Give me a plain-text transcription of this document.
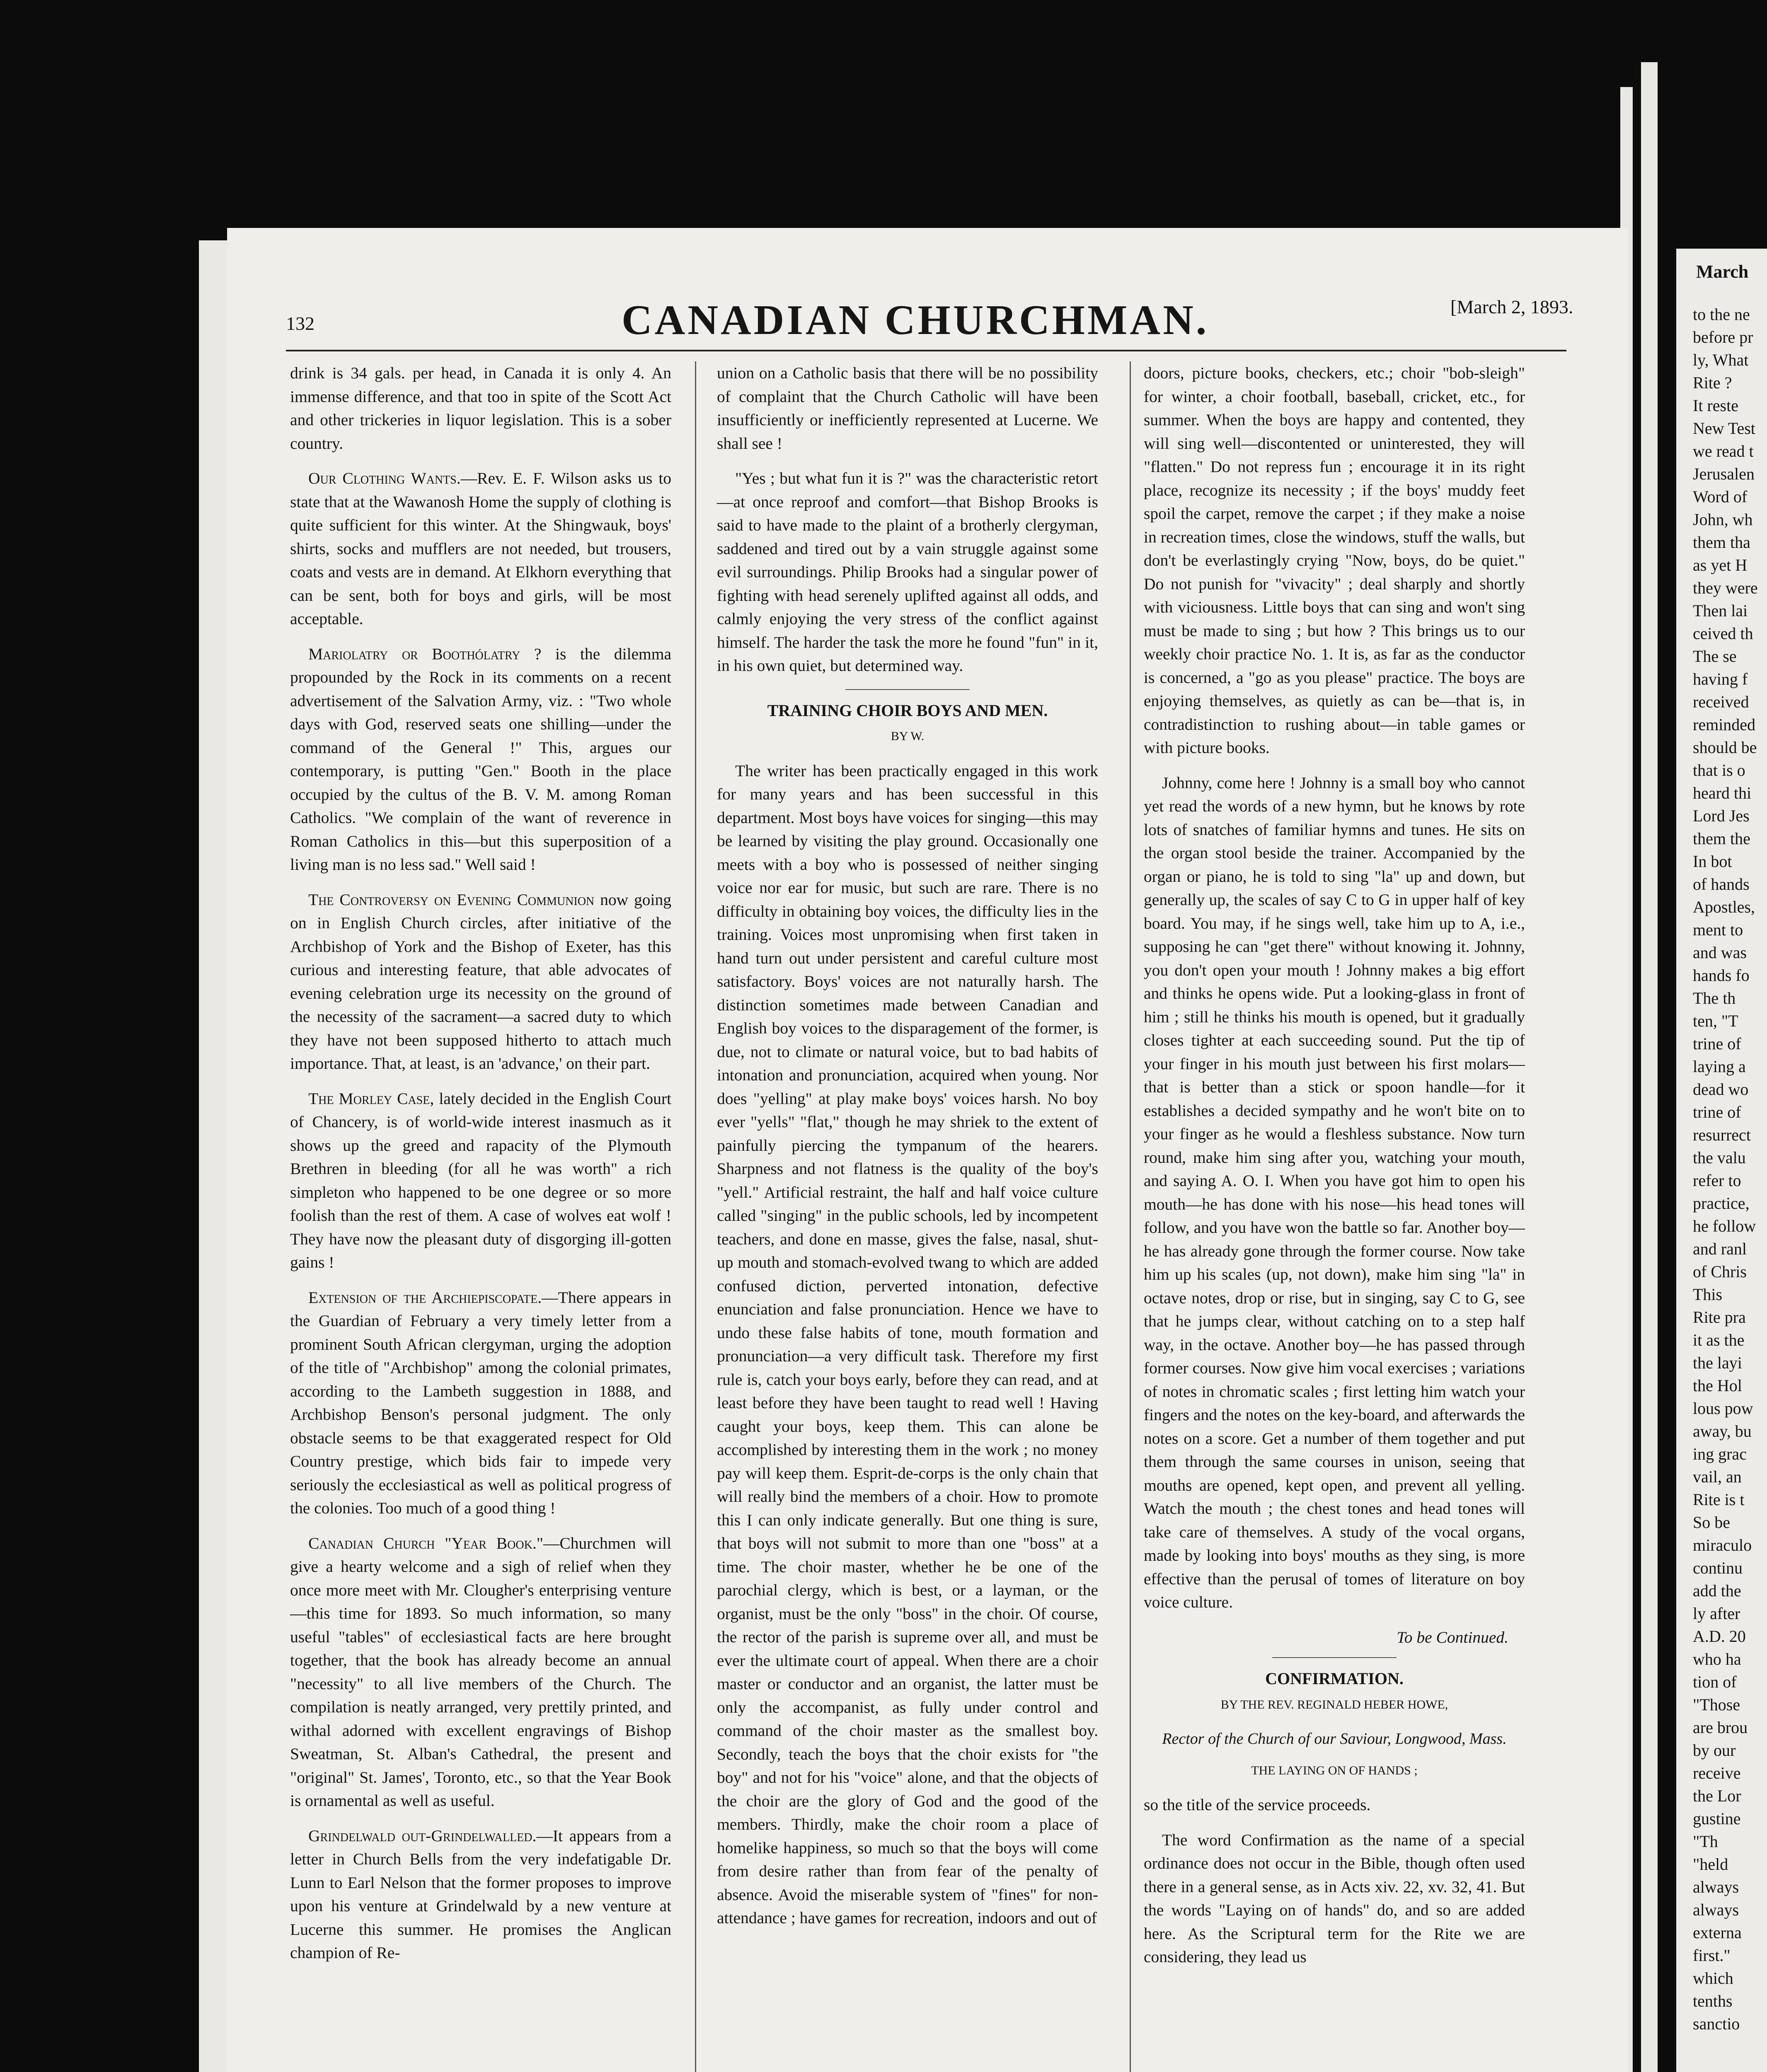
March

to the ne

before pr

ly, What

Rite ?

It reste

New Test

we read t

Jerusalen

Word of

John, wh

them tha

as yet H

they were

Then lai

ceived th

The se

having f

received

reminded

should be

that is o

heard thi

Lord Jes

them the

In bot

of hands

Apostles,

ment to

and was

hands fo

The th

ten, "T

trine of

laying a

dead wo

trine of

resurrect

the valu

refer to

practice,

he follow

and ranl

of Chris

This

Rite pra

it as the

the layi

the Hol

lous pow

away, bu

ing grac

vail, an

Rite is t

So be

miraculo

continu

add the

ly after

A.D. 20

who ha

tion of

"Those

are brou

by our

receive

the Lor

gustine

"Th

"held

always

always

externa

first."

which

tenths

sanctio

132	CANADIAN CHURCHMAN.	[March 2, 1893.

drink is 34 gals. per head, in Canada it is only 4. An immense difference, and that too in spite of the Scott Act and other trickeries in liquor legislation. This is a sober country.

Our Clothing Wants.—Rev. E. F. Wilson asks us to state that at the Wawanosh Home the supply of clothing is quite sufficient for this winter. At the Shingwauk, boys' shirts, socks and mufflers are not needed, but trousers, coats and vests are in demand. At Elkhorn everything that can be sent, both for boys and girls, will be most acceptable.

Mariolatry or Boothólatry ? is the dilemma propounded by the Rock in its comments on a recent advertisement of the Salvation Army, viz. : "Two whole days with God, reserved seats one shilling—under the command of the General !" This, argues our contemporary, is putting "Gen." Booth in the place occupied by the cultus of the B. V. M. among Roman Catholics. "We complain of the want of reverence in Roman Catholics in this—but this superposition of a living man is no less sad." Well said !

The Controversy on Evening Communion now going on in English Church circles, after initiative of the Archbishop of York and the Bishop of Exeter, has this curious and interesting feature, that able advocates of evening celebration urge its necessity on the ground of the necessity of the sacrament—a sacred duty to which they have not been supposed hitherto to attach much importance. That, at least, is an 'advance,' on their part.

The Morley Case, lately decided in the English Court of Chancery, is of world-wide interest inasmuch as it shows up the greed and rapacity of the Plymouth Brethren in bleeding (for all he was worth" a rich simpleton who happened to be one degree or so more foolish than the rest of them. A case of wolves eat wolf ! They have now the pleasant duty of disgorging ill-gotten gains !

Extension of the Archiepiscopate.—There appears in the Guardian of February a very timely letter from a prominent South African clergyman, urging the adoption of the title of "Archbishop" among the colonial primates, according to the Lambeth suggestion in 1888, and Archbishop Benson's personal judgment. The only obstacle seems to be that exaggerated respect for Old Country prestige, which bids fair to impede very seriously the ecclesiastical as well as political progress of the colonies. Too much of a good thing !

Canadian Church "Year Book."—Churchmen will give a hearty welcome and a sigh of relief when they once more meet with Mr. Clougher's enterprising venture—this time for 1893. So much information, so many useful "tables" of ecclesiastical facts are here brought together, that the book has already become an annual "necessity" to all live members of the Church. The compilation is neatly arranged, very prettily printed, and withal adorned with excellent engravings of Bishop Sweatman, St. Alban's Cathedral, the present and "original" St. James', Toronto, etc., so that the Year Book is ornamental as well as useful.

Grindelwald out-Grindelwalled.—It appears from a letter in Church Bells from the very indefatigable Dr. Lunn to Earl Nelson that the former proposes to improve upon his venture at Grindelwald by a new venture at Lucerne this summer. He promises the Anglican champion of Re-

union on a Catholic basis that there will be no possibility of complaint that the Church Catholic will have been insufficiently or inefficiently represented at Lucerne. We shall see !

"Yes ; but what fun it is ?" was the characteristic retort—at once reproof and comfort—that Bishop Brooks is said to have made to the plaint of a brotherly clergyman, saddened and tired out by a vain struggle against some evil surroundings. Philip Brooks had a singular power of fighting with head serenely uplifted against all odds, and calmly enjoying the very stress of the conflict against himself. The harder the task the more he found "fun" in it, in his own quiet, but determined way.

TRAINING CHOIR BOYS AND MEN.
BY W.

The writer has been practically engaged in this work for many years and has been successful in this department. Most boys have voices for singing—this may be learned by visiting the play ground. Occasionally one meets with a boy who is possessed of neither singing voice nor ear for music, but such are rare. There is no difficulty in obtaining boy voices, the difficulty lies in the training. Voices most unpromising when first taken in hand turn out under persistent and careful culture most satisfactory. Boys' voices are not naturally harsh. The distinction sometimes made between Canadian and English boy voices to the disparagement of the former, is due, not to climate or natural voice, but to bad habits of intonation and pronunciation, acquired when young. Nor does "yelling" at play make boys' voices harsh. No boy ever "yells" "flat," though he may shriek to the extent of painfully piercing the tympanum of the hearers. Sharpness and not flatness is the quality of the boy's "yell." Artificial restraint, the half and half voice culture called "singing" in the public schools, led by incompetent teachers, and done en masse, gives the false, nasal, shut-up mouth and stomach-evolved twang to which are added confused diction, perverted intonation, defective enunciation and false pronunciation. Hence we have to undo these false habits of tone, mouth formation and pronunciation—a very difficult task. Therefore my first rule is, catch your boys early, before they can read, and at least before they have been taught to read well ! Having caught your boys, keep them. This can alone be accomplished by interesting them in the work ; no money pay will keep them. Esprit-de-corps is the only chain that will really bind the members of a choir. How to promote this I can only indicate generally. But one thing is sure, that boys will not submit to more than one "boss" at a time. The choir master, whether he be one of the parochial clergy, which is best, or a layman, or the organist, must be the only "boss" in the choir. Of course, the rector of the parish is supreme over all, and must be ever the ultimate court of appeal. When there are a choir master or conductor and an organist, the latter must be only the accompanist, as fully under control and command of the choir master as the smallest boy. Secondly, teach the boys that the choir exists for "the boy" and not for his "voice" alone, and that the objects of the choir are the glory of God and the good of the members. Thirdly, make the choir room a place of homelike happiness, so much so that the boys will come from desire rather than from fear of the penalty of absence. Avoid the miserable system of "fines" for non-attendance ; have games for recreation, indoors and out of

doors, picture books, checkers, etc.; choir "bob-sleigh" for winter, a choir football, baseball, cricket, etc., for summer. When the boys are happy and contented, they will sing well—discontented or uninterested, they will "flatten." Do not repress fun ; encourage it in its right place, recognize its necessity ; if the boys' muddy feet spoil the carpet, remove the carpet ; if they make a noise in recreation times, close the windows, stuff the walls, but don't be everlastingly crying "Now, boys, do be quiet." Do not punish for "vivacity" ; deal sharply and shortly with viciousness. Little boys that can sing and won't sing must be made to sing ; but how ? This brings us to our weekly choir practice No. 1. It is, as far as the conductor is concerned, a "go as you please" practice. The boys are enjoying themselves, as quietly as can be—that is, in contradistinction to rushing about—in table games or with picture books.

Johnny, come here ! Johnny is a small boy who cannot yet read the words of a new hymn, but he knows by rote lots of snatches of familiar hymns and tunes. He sits on the organ stool beside the trainer. Accompanied by the organ or piano, he is told to sing "la" up and down, but generally up, the scales of say C to G in upper half of key board. You may, if he sings well, take him up to A, i.e., supposing he can "get there" without knowing it. Johnny, you don't open your mouth ! Johnny makes a big effort and thinks he opens wide. Put a looking-glass in front of him ; still he thinks his mouth is opened, but it gradually closes tighter at each succeeding sound. Put the tip of your finger in his mouth just between his first molars—that is better than a stick or spoon handle—for it establishes a decided sympathy and he won't bite on to your finger as he would a fleshless substance. Now turn round, make him sing after you, watching your mouth, and saying A. O. I. When you have got him to open his mouth—he has done with his nose—his head tones will follow, and you have won the battle so far. Another boy—he has already gone through the former course. Now take him up his scales (up, not down), make him sing "la" in octave notes, drop or rise, but in singing, say C to G, see that he jumps clear, without catching on to a step half way, in the octave. Another boy—he has passed through former courses. Now give him vocal exercises ; variations of notes in chromatic scales ; first letting him watch your fingers and the notes on the key-board, and afterwards the notes on a score. Get a number of them together and put them through the same courses in unison, seeing that mouths are opened, kept open, and prevent all yelling. Watch the mouth ; the chest tones and head tones will take care of themselves. A study of the vocal organs, made by looking into boys' mouths as they sing, is more effective than the perusal of tomes of literature on boy voice culture.

To be Continued.
CONFIRMATION.
BY THE REV. REGINALD HEBER HOWE,
Rector of the Church of our Saviour, Longwood, Mass.
THE LAYING ON OF HANDS ;

so the title of the service proceeds.

The word Confirmation as the name of a special ordinance does not occur in the Bible, though often used there in a general sense, as in Acts xiv. 22, xv. 32, 41. But the words "Laying on of hands" do, and so are added here. As the Scriptural term for the Rite we are considering, they lead us
